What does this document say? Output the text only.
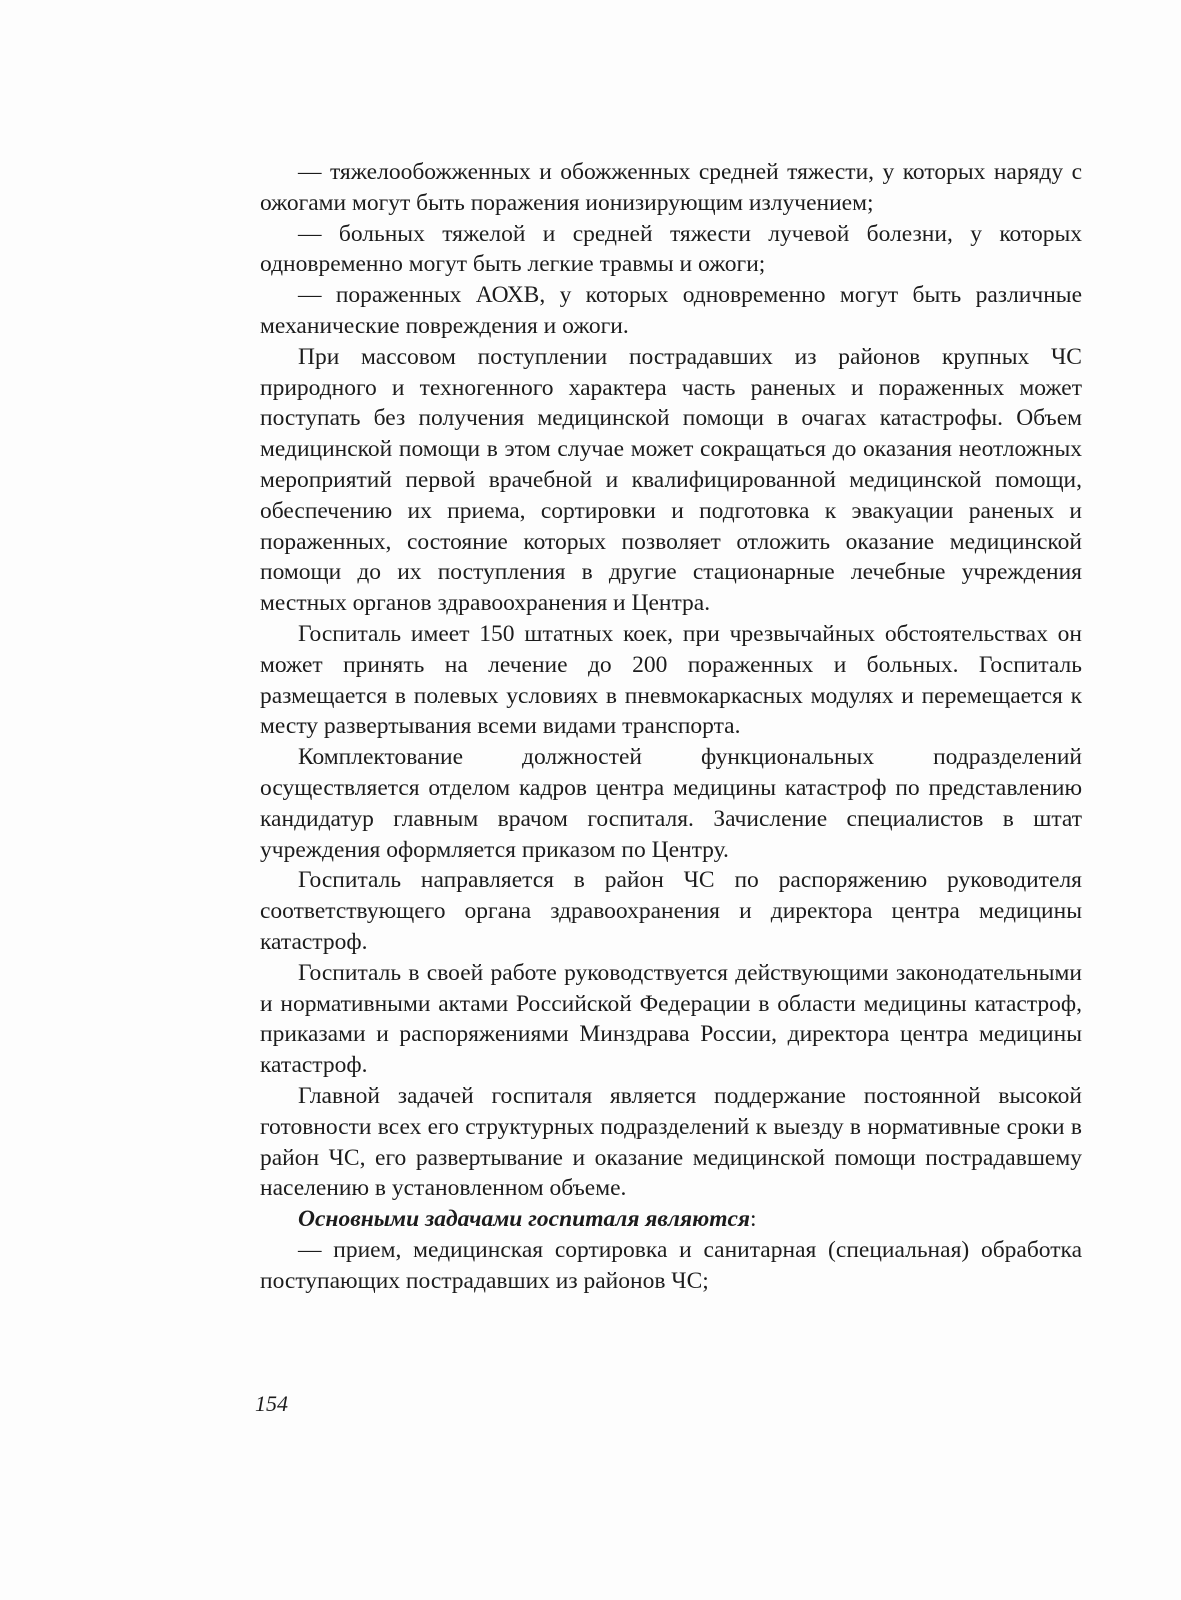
— тяжелообожженных и обожженных средней тяжести, у которых наряду с ожогами могут быть поражения ионизирующим излучением;

— больных тяжелой и средней тяжести лучевой болезни, у которых одновременно могут быть легкие травмы и ожоги;

— пораженных АОХВ, у которых одновременно могут быть различные механические повреждения и ожоги.

При массовом поступлении пострадавших из районов крупных ЧС природного и техногенного характера часть раненых и пораженных может поступать без получения медицинской помощи в очагах катастрофы. Объем медицинской помощи в этом случае может сокращаться до оказания неотложных мероприятий первой врачебной и квалифицированной медицинской помощи, обеспечению их приема, сортировки и подготовка к эвакуации раненых и пораженных, состояние которых позволяет отложить оказание медицинской помощи до их поступления в другие стационарные лечебные учреждения местных органов здравоохранения и Центра.

Госпиталь имеет 150 штатных коек, при чрезвычайных обстоятельствах он может принять на лечение до 200 пораженных и больных. Госпиталь размещается в полевых условиях в пневмокаркасных модулях и перемещается к месту развертывания всеми видами транспорта.

Комплектование должностей функциональных подразделений осуществляется отделом кадров центра медицины катастроф по представлению кандидатур главным врачом госпиталя. Зачисление специалистов в штат учреждения оформляется приказом по Центру.

Госпиталь направляется в район ЧС по распоряжению руководителя соответствующего органа здравоохранения и директора центра медицины катастроф.

Госпиталь в своей работе руководствуется действующими законодательными и нормативными актами Российской Федерации в области медицины катастроф, приказами и распоряжениями Минздрава России, директора центра медицины катастроф.

Главной задачей госпиталя является поддержание постоянной высокой готовности всех его структурных подразделений к выезду в нормативные сроки в район ЧС, его развертывание и оказание медицинской помощи пострадавшему населению в установленном объеме.

Основными задачами госпиталя являются:

— прием, медицинская сортировка и санитарная (специальная) обработка поступающих пострадавших из районов ЧС;

154
